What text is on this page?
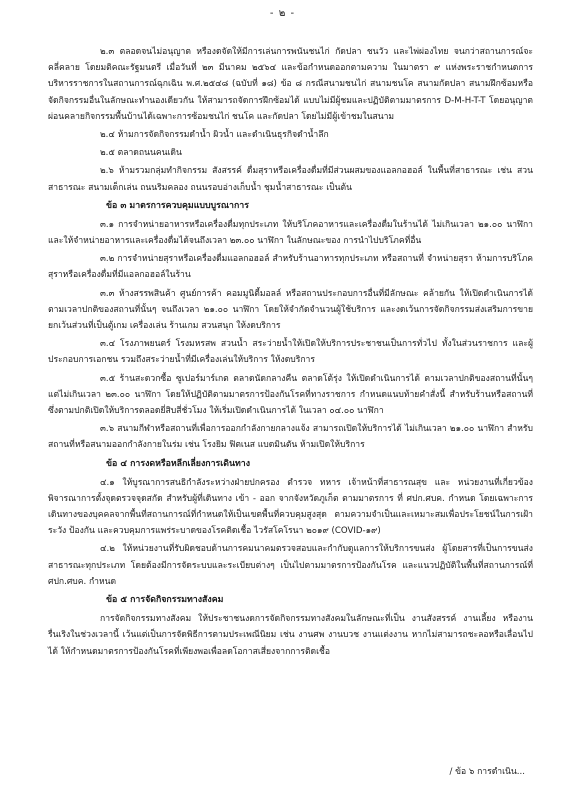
- ๒ -

๒.๓ ตลอดจนไม่อนุญาต หรืองดจัดให้มีการเล่นการพนันชนไก่ กัดปลา ชนวัว และไพ่ผ่องไทย จนกว่าสถานการณ์จะคลี่คลาย โดยมติคณะรัฐมนตรี เมื่อวันที่ ๒๓ มีนาคม ๒๕๖๔ และข้อกำหนดออกตามความ ในมาตรา ๙ แห่งพระราชกำหนดการบริหารราชการในสถานการณ์ฉุกเฉิน พ.ศ.๒๕๔๘ (ฉบับที่ ๑๘) ข้อ ๘ กรณีสนามชนไก่ สนามชนโค สนามกัดปลา สนามฝึกซ้อมหรือจัดกิจกรรมอื่นในลักษณะทำนองเดียวกัน ให้สามารถจัดการฝึกซ้อมได้ แบบไม่มีผู้ชมและปฏิบัติตามมาตรการ D-M-H-T-T โดยอนุญาตผ่อนคลายกิจกรรมพื้นบ้านได้เฉพาะการซ้อมชนไก่ ชนโค และกัดปลา โดยไม่มีผู้เข้าชมในสนาม

๒.๔ ห้ามการจัดกิจกรรมดำน้ำ ผิวน้ำ และดำเนินธุรกิจดำน้ำลึก

๒.๕ ตลาดถนนคนเดิน

๒.๖ ห้ามรวมกลุ่มทำกิจกรรม สังสรรค์ ดื่มสุราหรือเครื่องดื่มที่มีส่วนผสมของแอลกอฮอล์ ในพื้นที่สาธารณะ เช่น สวนสาธารณะ สนามเด็กเล่น ถนนริมคลอง ถนนรอบอ่างเก็บน้ำ ชุมน้ำสาธารณะ เป็นต้น

ข้อ ๓ มาตรการควบคุมแบบบูรณาการ

๓.๑ การจำหน่ายอาหารหรือเครื่องดื่มทุกประเภท ให้บริโภคอาหารและเครื่องดื่มในร้านได้ ไม่เกินเวลา ๒๑.๐๐ นาฬิกา และให้จำหน่ายอาหารและเครื่องดื่มได้จนถึงเวลา ๒๓.๐๐ นาฬิกา ในลักษณะของ การนำไปบริโภคที่อื่น

๓.๒ การจำหน่ายสุราหรือเครื่องดื่มแอลกอฮอล์ สำหรับร้านอาหารทุกประเภท หรือสถานที่ จำหน่ายสุรา ห้ามการบริโภคสุราหรือเครื่องดื่มที่มีแอลกอฮอล์ในร้าน

๓.๓ ห้างสรรพสินค้า ศูนย์การค้า คอมมูนิตี้มอลล์ หรือสถานประกอบการอื่นที่มีลักษณะ คล้ายกัน ให้เปิดดำเนินการได้ตามเวลาปกติของสถานที่นั้นๆ จนถึงเวลา ๒๑.๐๐ นาฬิกา โดยให้จำกัดจำนวนผู้ใช้บริการ และงดเว้นการจัดกิจกรรมส่งเสริมการขาย ยกเว้นส่วนที่เป็นตู้เกม เครื่องเล่น ร้านเกม สวนสนุก ให้งดบริการ

๓.๔ โรงภาพยนตร์ โรงมหรสพ สวนน้ำ สระว่ายน้ำให้เปิดให้บริการประชาชนเป็นการทั่วไป ทั้งในส่วนราชการ และผู้ประกอบการเอกชน รวมถึงสระว่ายน้ำที่มีเครื่องเล่นให้บริการ ให้งดบริการ

๓.๕ ร้านสะดวกซื้อ ซูเปอร์มาร์เกต ตลาดนัดกลางคืน ตลาดโต้รุ่ง ให้เปิดดำเนินการได้ ตามเวลาปกติของสถานที่นั้นๆ แต่ไม่เกินเวลา ๒๓.๐๐ นาฬิกา โดยให้ปฏิบัติตามมาตรการป้องกันโรคที่ทางราชการ กำหนดแนบท้ายคำสั่งนี้ สำหรับร้านหรือสถานที่ซึ่งตามปกติเปิดให้บริการตลอดยี่สิบสี่ชั่วโมง ให้เริ่มเปิดดำเนินการได้ ในเวลา ๐๔.๐๐ นาฬิกา

๓.๖ สนามกีฬาหรือสถานที่เพื่อการออกกำลังกายกลางแจ้ง สามารถเปิดให้บริการได้ ไม่เกินเวลา ๒๑.๐๐ นาฬิกา สำหรับสถานที่หรือสนามออกกำลังกายในร่ม เช่น โรงยิม ฟิตเนส แบดมินตัน ห้ามเปิดให้บริการ

ข้อ ๔ การงดหรือหลีกเลี่ยงการเดินทาง

๔.๑ ให้บูรณาการสนธิกำลังระหว่างฝ่ายปกครอง ตำรวจ ทหาร เจ้าหน้าที่สาธารณสุข และ หน่วยงานที่เกี่ยวข้อง พิจารณาการตั้งจุดตรวจจุดสกัด สำหรับผู้ที่เดินทาง เข้า - ออก จากจังหวัดภูเก็ต ตามมาตรการ ที่ ศปก.ศบค. กำหนด โดยเฉพาะการเดินทางของบุคคลจากพื้นที่สถานการณ์ที่กำหนดให้เป็นเขตพื้นที่ควบคุมสูงสุด ตามความจำเป็นและเหมาะสมเพื่อประโยชน์ในการเฝ้าระวัง ป้องกัน และควบคุมการแพร่ระบาดของโรคติดเชื้อ ไวรัสโคโรนา ๒๐๑๙ (COVID-๑๙)

๔.๒ ให้หน่วยงานที่รับผิดชอบด้านการคมนาคมตรวจสอบและกำกับดูแลการให้บริการขนส่ง ผู้โดยสารที่เป็นการขนส่งสาธารณะทุกประเภท โดยต้องมีการจัดระบบและระเบียบต่างๆ เป็นไปตามมาตรการป้องกันโรค และแนวปฏิบัติในพื้นที่สถานการณ์ที่ ศปก.ศบค. กำหนด

ข้อ ๕ การจัดกิจกรรมทางสังคม

การจัดกิจกรรมทางสังคม ให้ประชาชนงดการจัดกิจกรรมทางสังคมในลักษณะที่เป็น งานสังสรรค์ งานเลี้ยง หรืองานรื่นเริงในช่วงเวลานี้ เว้นแต่เป็นการจัดพิธีการตามประเพณีนิยม เช่น งานศพ งานบวช งานแต่งงาน หากไม่สามารถชะลอหรือเลื่อนไปได้ ให้กำหนดมาตรการป้องกันโรคที่เพียงพอเพื่อลดโอกาสเสี่ยงจากการติดเชื้อ

/ ข้อ ๖ การดำเนิน...
